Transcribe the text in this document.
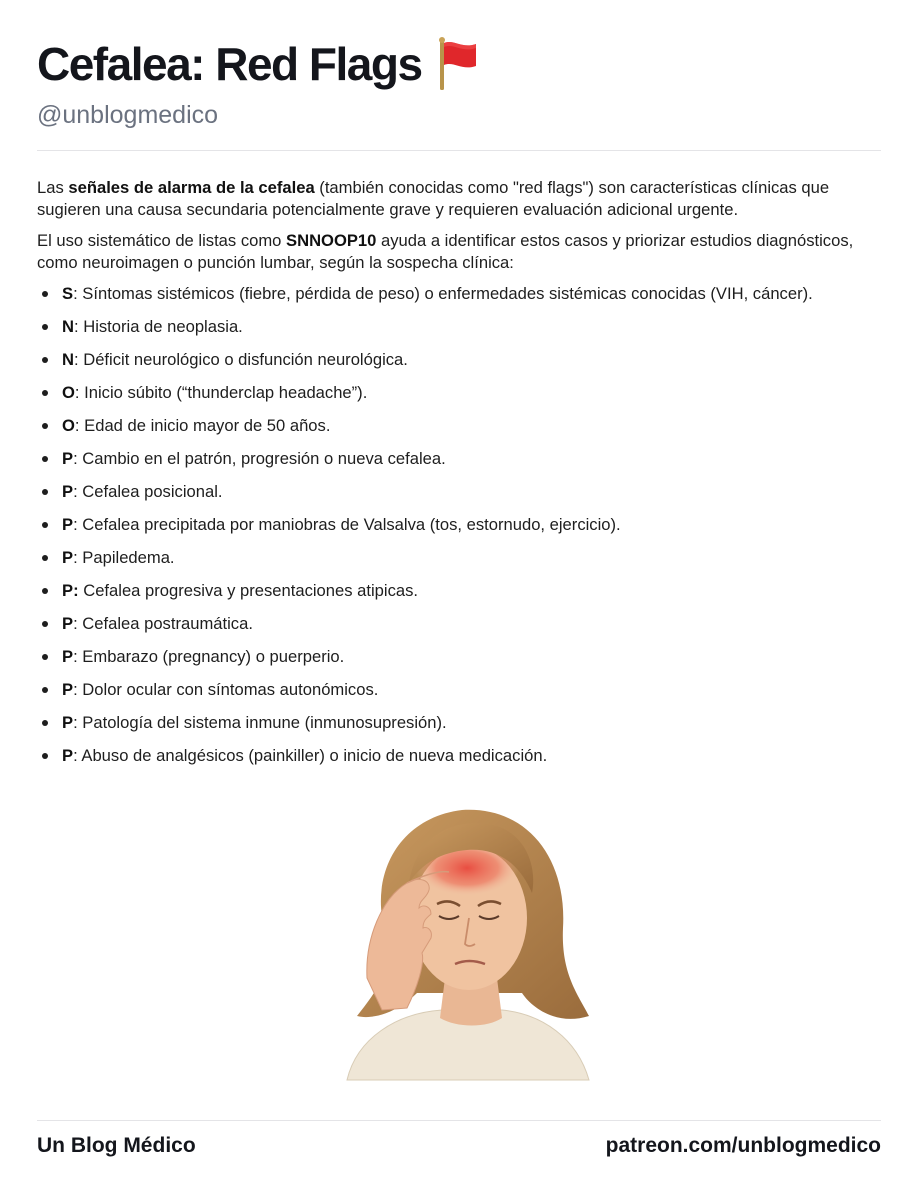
Cefalea: Red Flags
@unblogmedico

Las señales de alarma de la cefalea (también conocidas como "red flags") son características clínicas que sugieren una causa secundaria potencialmente grave y requieren evaluación adicional urgente.

El uso sistemático de listas como SNNOOP10 ayuda a identificar estos casos y priorizar estudios diagnósticos, como neuroimagen o punción lumbar, según la sospecha clínica:

S: Síntomas sistémicos (fiebre, pérdida de peso) o enfermedades sistémicas conocidas (VIH, cáncer).
N: Historia de neoplasia.
N: Déficit neurológico o disfunción neurológica.
O: Inicio súbito (“thunderclap headache”).
O: Edad de inicio mayor de 50 años.
P: Cambio en el patrón, progresión o nueva cefalea.
P: Cefalea posicional.
P: Cefalea precipitada por maniobras de Valsalva (tos, estornudo, ejercicio).
P: Papiledema.
P: Cefalea progresiva y presentaciones atipicas.
P: Cefalea postraumática.
P: Embarazo (pregnancy) o puerperio.
P: Dolor ocular con síntomas autonómicos.
P: Patología del sistema inmune (inmunosupresión).
P: Abuso de analgésicos (painkiller) o inicio de nueva medicación.
Un Blog Médico	patreon.com/unblogmedico
